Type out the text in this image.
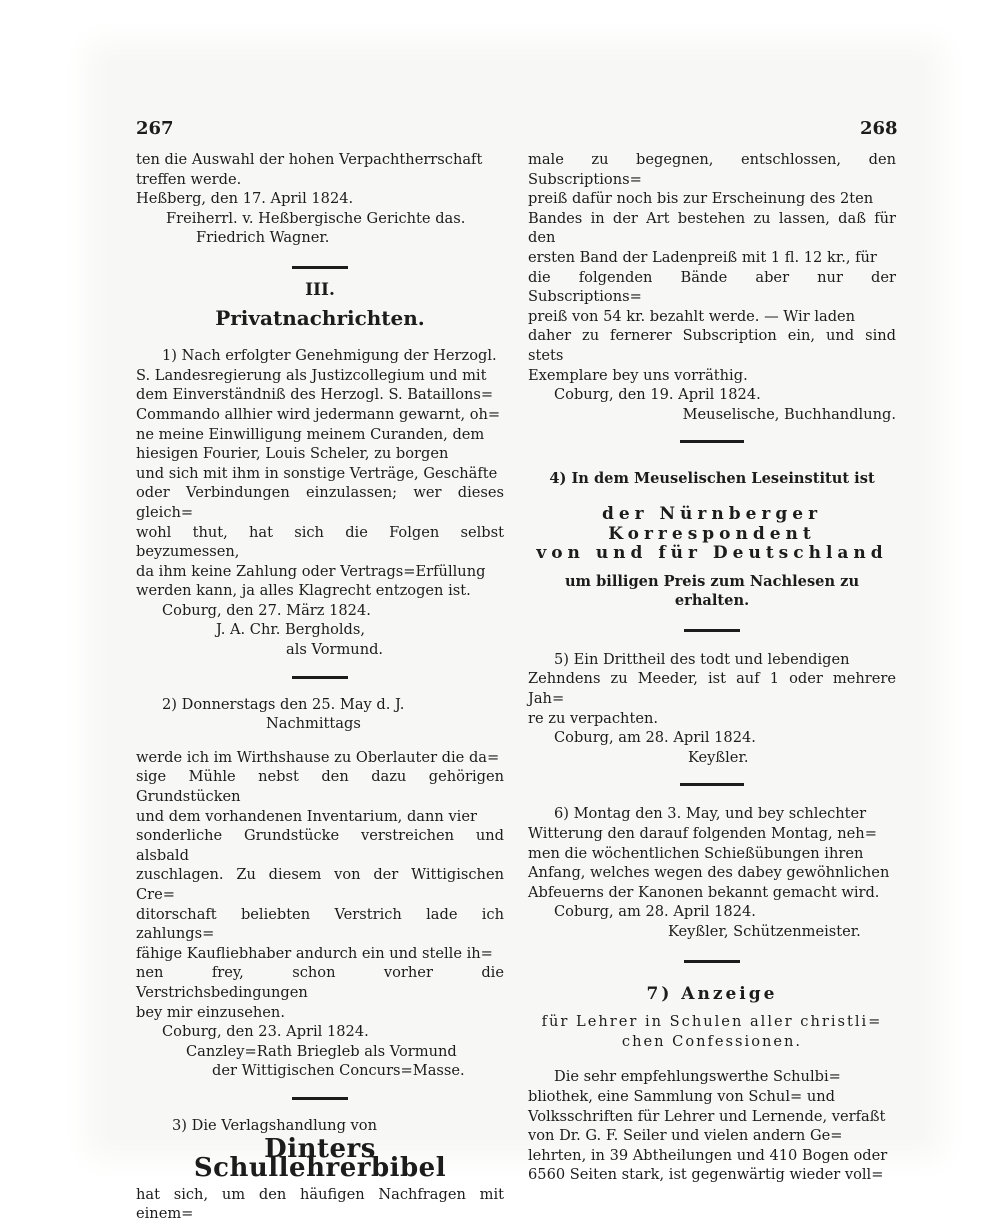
267	268

ten die Auswahl der hohen Verpachtherrschaft

treffen werde.

Heßberg, den 17. April 1824.

Freiherrl. v. Heßbergische Gerichte das.

Friedrich Wagner.

III.
Privatnachrichten.

1) Nach erfolgter Genehmigung der Herzogl.

S. Landesregierung als Justizcollegium und mit

dem Einverständniß des Herzogl. S. Bataillons=

Commando allhier wird jedermann gewarnt, oh=

ne meine Einwilligung meinem Curanden, dem

hiesigen Fourier, Louis Scheler, zu borgen

und sich mit ihm in sonstige Verträge, Geschäfte

oder Verbindungen einzulassen; wer dieses gleich=

wohl thut, hat sich die Folgen selbst beyzumessen,

da ihm keine Zahlung oder Vertrags=Erfüllung

werden kann, ja alles Klagrecht entzogen ist.

Coburg, den 27. März 1824.

J. A. Chr. Bergholds,

als Vormund.

2) Donnerstags den 25. May d. J.

Nachmittags

werde ich im Wirthshause zu Oberlauter die da=

sige Mühle nebst den dazu gehörigen Grundstücken

und dem vorhandenen Inventarium, dann vier

sonderliche Grundstücke verstreichen und alsbald

zuschlagen. Zu diesem von der Wittigischen Cre=

ditorschaft beliebten Verstrich lade ich zahlungs=

fähige Kaufliebhaber andurch ein und stelle ih=

nen frey, schon vorher die Verstrichsbedingungen

bey mir einzusehen.

Coburg, den 23. April 1824.

Canzley=Rath Briegleb als Vormund

der Wittigischen Concurs=Masse.

3) Die Verlagshandlung von

Dinters Schullehrerbibel

hat sich, um den häufigen Nachfragen mit einem=

male zu begegnen, entschlossen, den Subscriptions=

preiß dafür noch bis zur Erscheinung des 2ten

Bandes in der Art bestehen zu lassen, daß für den

ersten Band der Ladenpreiß mit 1 fl. 12 kr., für

die folgenden Bände aber nur der Subscriptions=

preiß von 54 kr. bezahlt werde. — Wir laden

daher zu fernerer Subscription ein, und sind stets

Exemplare bey uns vorräthig.

Coburg, den 19. April 1824.

Meuselische, Buchhandlung.

4) In dem Meuselischen Leseinstitut ist

der Nürnberger Korrespondent
von und für Deutschland

um billigen Preis zum Nachlesen zu erhalten.

5) Ein Drittheil des todt und lebendigen

Zehndens zu Meeder, ist auf 1 oder mehrere Jah=

re zu verpachten.

Coburg, am 28. April 1824.

Keyßler.

6) Montag den 3. May, und bey schlechter

Witterung den darauf folgenden Montag, neh=

men die wöchentlichen Schießübungen ihren

Anfang, welches wegen des dabey gewöhnlichen

Abfeuerns der Kanonen bekannt gemacht wird.

Coburg, am 28. April 1824.

Keyßler, Schützenmeister.

7) Anzeige

für Lehrer in Schulen aller christli=

chen Confessionen.

Die sehr empfehlungswerthe Schulbi=

bliothek, eine Sammlung von Schul= und

Volksschriften für Lehrer und Lernende, verfaßt

von Dr. G. F. Seiler und vielen andern Ge=

lehrten, in 39 Abtheilungen und 410 Bogen oder

6560 Seiten stark, ist gegenwärtig wieder voll=
